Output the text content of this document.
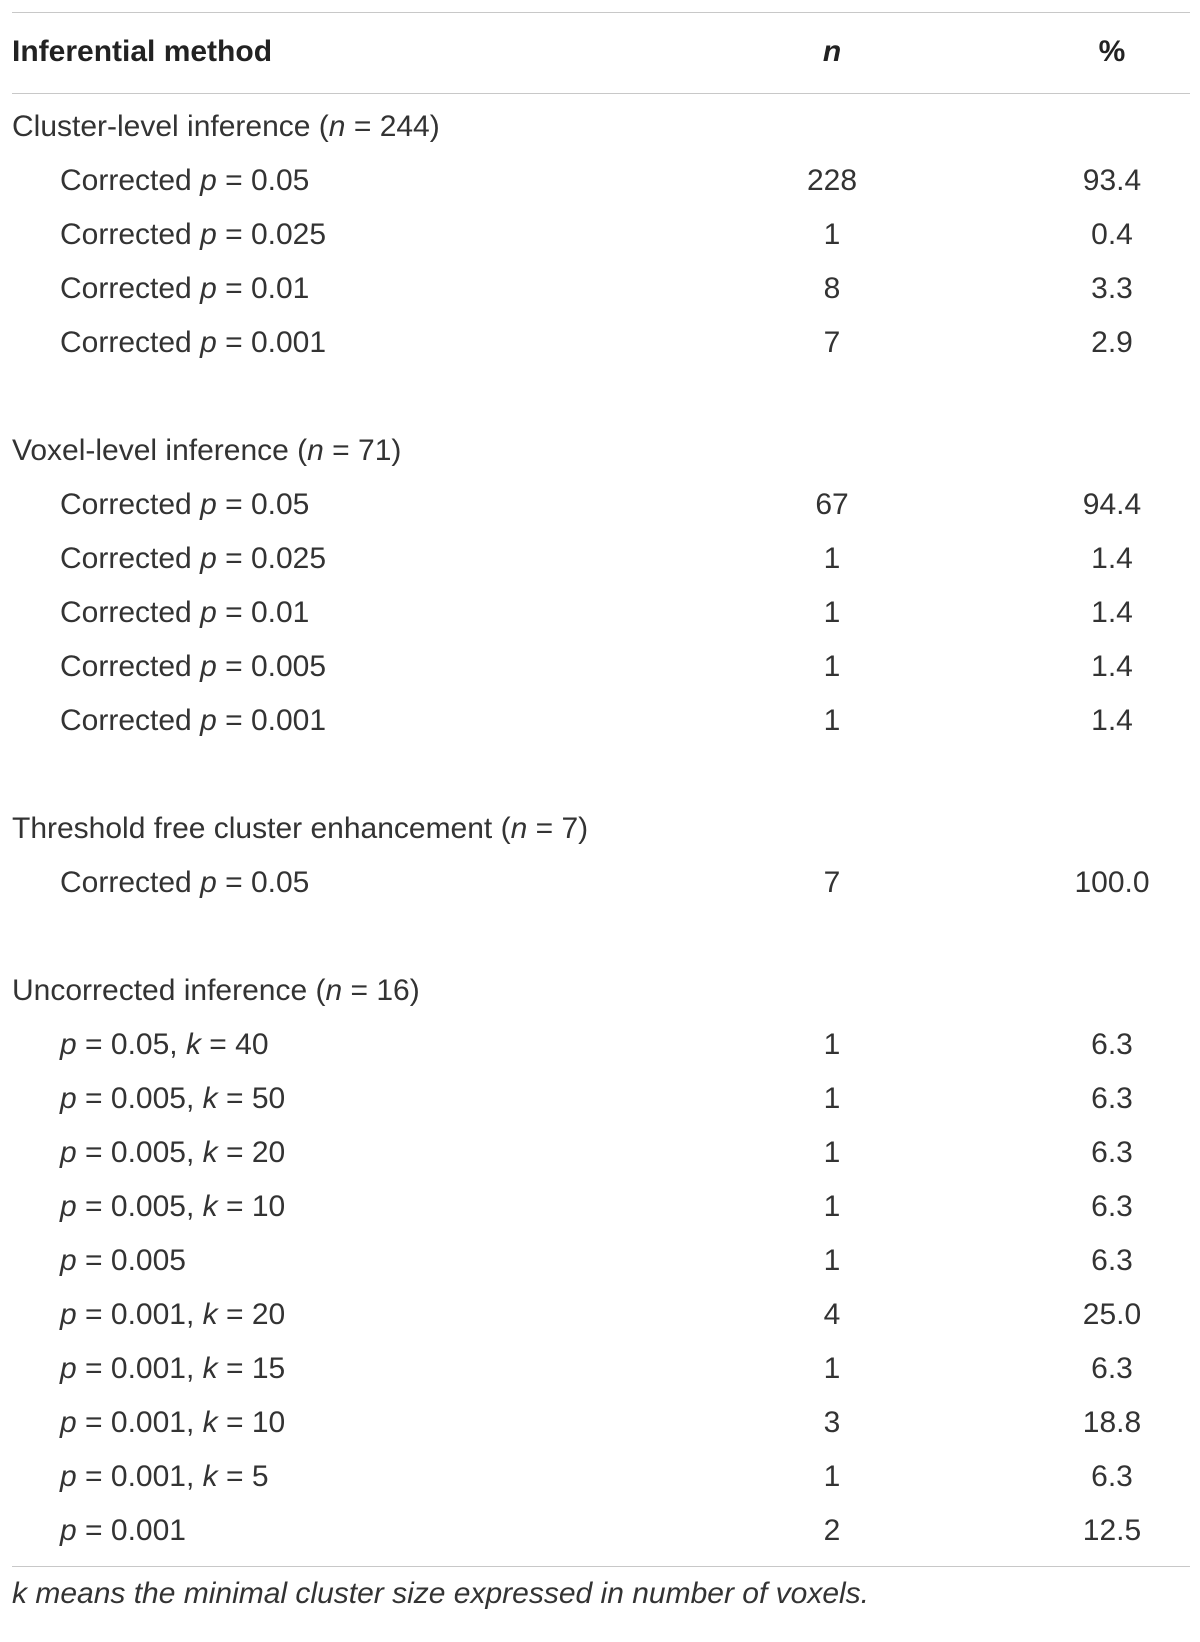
Inferential method	n	%
Cluster-level inference (n = 244)
Corrected p = 0.05	228	93.4
Corrected p = 0.025	1	0.4
Corrected p = 0.01	8	3.3
Corrected p = 0.001	7	2.9
Voxel-level inference (n = 71)
Corrected p = 0.05	67	94.4
Corrected p = 0.025	1	1.4
Corrected p = 0.01	1	1.4
Corrected p = 0.005	1	1.4
Corrected p = 0.001	1	1.4
Threshold free cluster enhancement (n = 7)
Corrected p = 0.05	7	100.0
Uncorrected inference (n = 16)
p = 0.05, k = 40	1	6.3
p = 0.005, k = 50	1	6.3
p = 0.005, k = 20	1	6.3
p = 0.005, k = 10	1	6.3
p = 0.005	1	6.3
p = 0.001, k = 20	4	25.0
p = 0.001, k = 15	1	6.3
p = 0.001, k = 10	3	18.8
p = 0.001, k = 5	1	6.3
p = 0.001	2	12.5
k means the minimal cluster size expressed in number of voxels.
